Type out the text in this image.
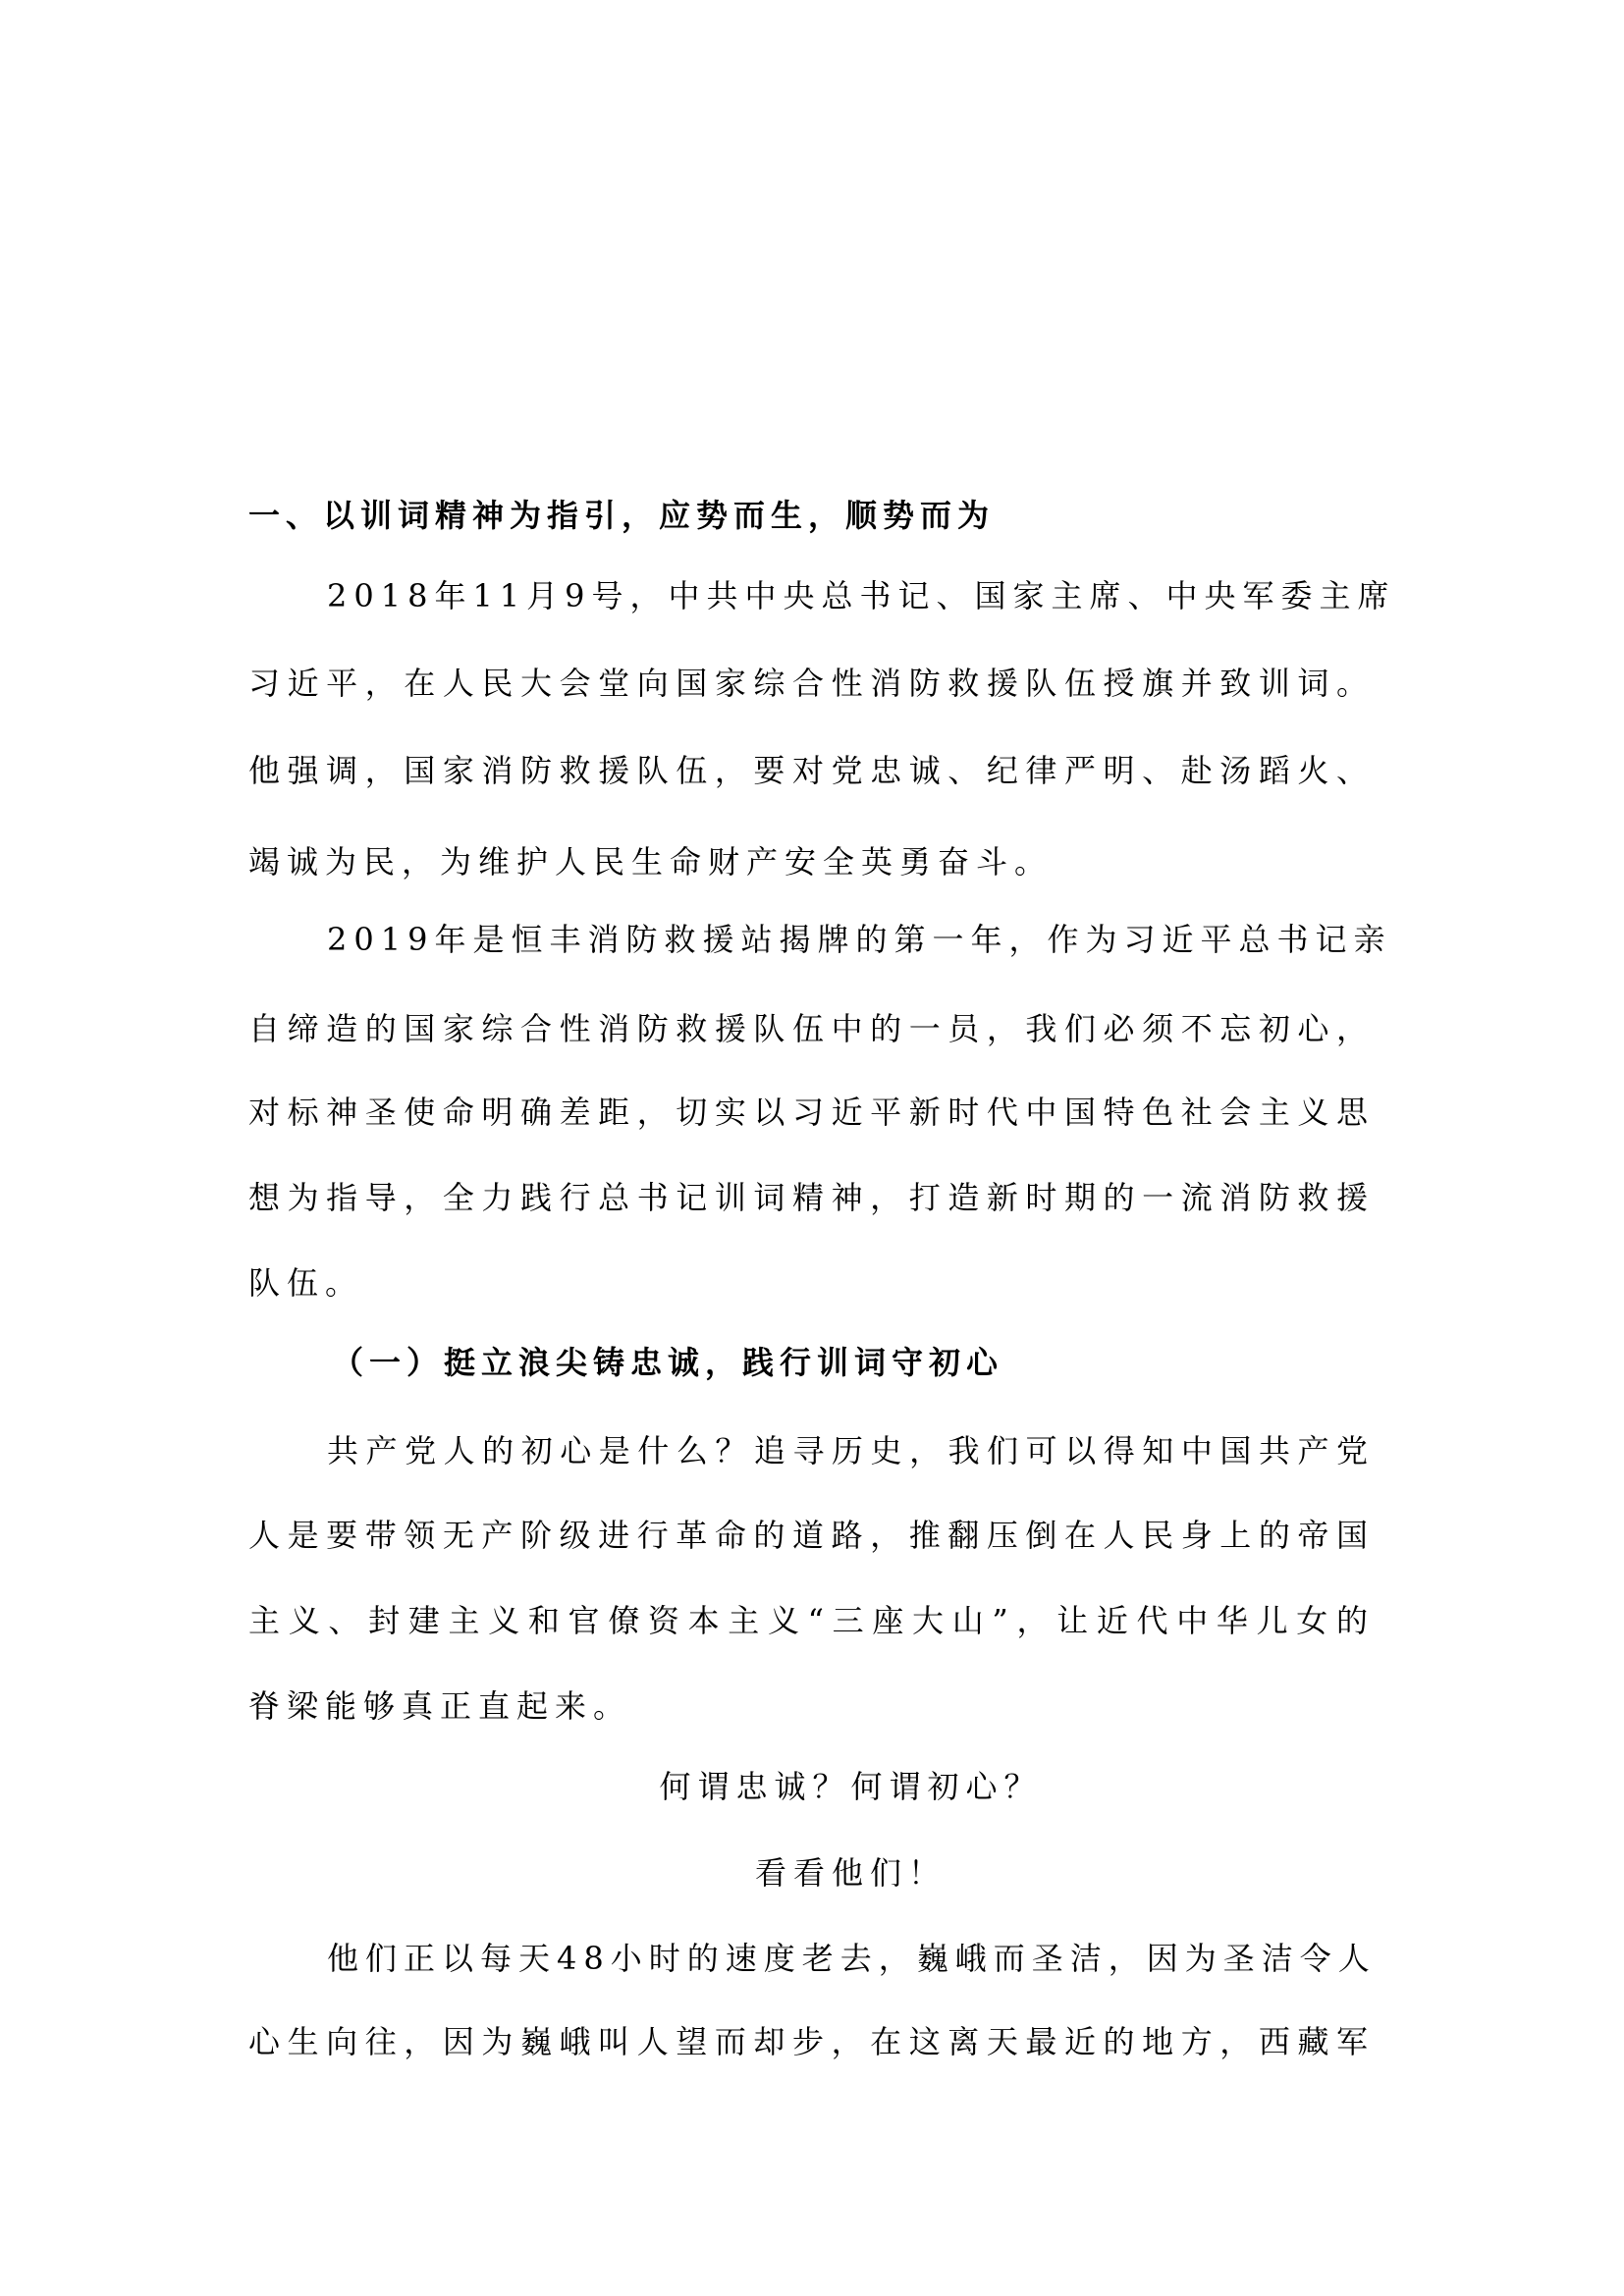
一、以训词精神为指引，应势而生，顺势而为
2018年11月9号，中共中央总书记、国家主席、中央军委主席
习近平，在人民大会堂向国家综合性消防救援队伍授旗并致训词。
他强调，国家消防救援队伍，要对党忠诚、纪律严明、赴汤蹈火、
竭诚为民，为维护人民生命财产安全英勇奋斗。
2019年是恒丰消防救援站揭牌的第一年，作为习近平总书记亲
自缔造的国家综合性消防救援队伍中的一员，我们必须不忘初心，
对标神圣使命明确差距，切实以习近平新时代中国特色社会主义思
想为指导，全力践行总书记训词精神，打造新时期的一流消防救援
队伍。
（一）挺立浪尖铸忠诚，践行训词守初心
共产党人的初心是什么？追寻历史，我们可以得知中国共产党
人是要带领无产阶级进行革命的道路，推翻压倒在人民身上的帝国
主义、封建主义和官僚资本主义“三座大山”，让近代中华儿女的
脊梁能够真正直起来。
何谓忠诚？何谓初心？
看看他们！
他们正以每天48小时的速度老去，巍峨而圣洁，因为圣洁令人
心生向往，因为巍峨叫人望而却步，在这离天最近的地方，西藏军
